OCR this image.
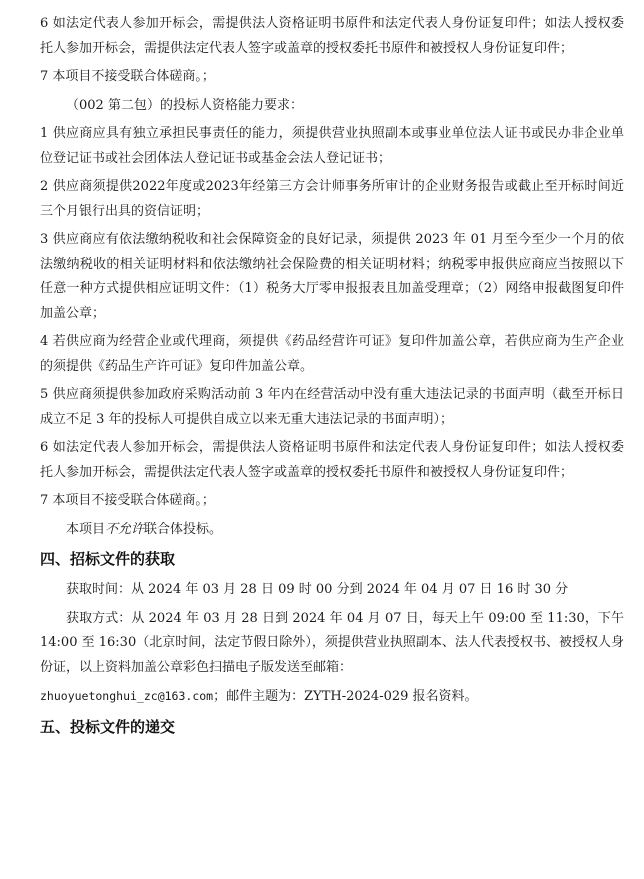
6 如法定代表人参加开标会，需提供法人资格证明书原件和法定代表人身份证复印件；如法人授权委托人参加开标会，需提供法定代表人签字或盖章的授权委托书原件和被授权人身份证复印件；

7 本项目不接受联合体磋商。；

（002 第二包）的投标人资格能力要求：

1 供应商应具有独立承担民事责任的能力，须提供营业执照副本或事业单位法人证书或民办非企业单位登记证书或社会团体法人登记证书或基金会法人登记证书；

2 供应商须提供2022年度或2023年经第三方会计师事务所审计的企业财务报告或截止至开标时间近三个月银行出具的资信证明；

3 供应商应有依法缴纳税收和社会保障资金的良好记录，须提供 2023 年 01 月至今至少一个月的依法缴纳税收的相关证明材料和依法缴纳社会保险费的相关证明材料；纳税零申报供应商应当按照以下任意一种方式提供相应证明文件：（1）税务大厅零申报报表且加盖受理章；（2）网络申报截图复印件加盖公章；

4 若供应商为经营企业或代理商，须提供《药品经营许可证》复印件加盖公章，若供应商为生产企业的须提供《药品生产许可证》复印件加盖公章。

5 供应商须提供参加政府采购活动前 3 年内在经营活动中没有重大违法记录的书面声明（截至开标日成立不足 3 年的投标人可提供自成立以来无重大违法记录的书面声明）；

6 如法定代表人参加开标会，需提供法人资格证明书原件和法定代表人身份证复印件；如法人授权委托人参加开标会，需提供法定代表人签字或盖章的授权委托书原件和被授权人身份证复印件；

7 本项目不接受联合体磋商。；

本项目不允许联合体投标。

四、招标文件的获取

获取时间：从 2024 年 03 月 28 日 09 时 00 分到 2024 年 04 月 07 日 16 时 30 分

获取方式：从 2024 年 03 月 28 日到 2024 年 04 月 07 日，每天上午 09:00 至 11:30，下午 14:00 至 16:30（北京时间，法定节假日除外），须提供营业执照副本、法人代表授权书、被授权人身份证，以上资料加盖公章彩色扫描电子版发送至邮箱：

zhuoyuetonghui_zc@163.com；邮件主题为：ZYTH-2024-029 报名资料。

五、投标文件的递交
